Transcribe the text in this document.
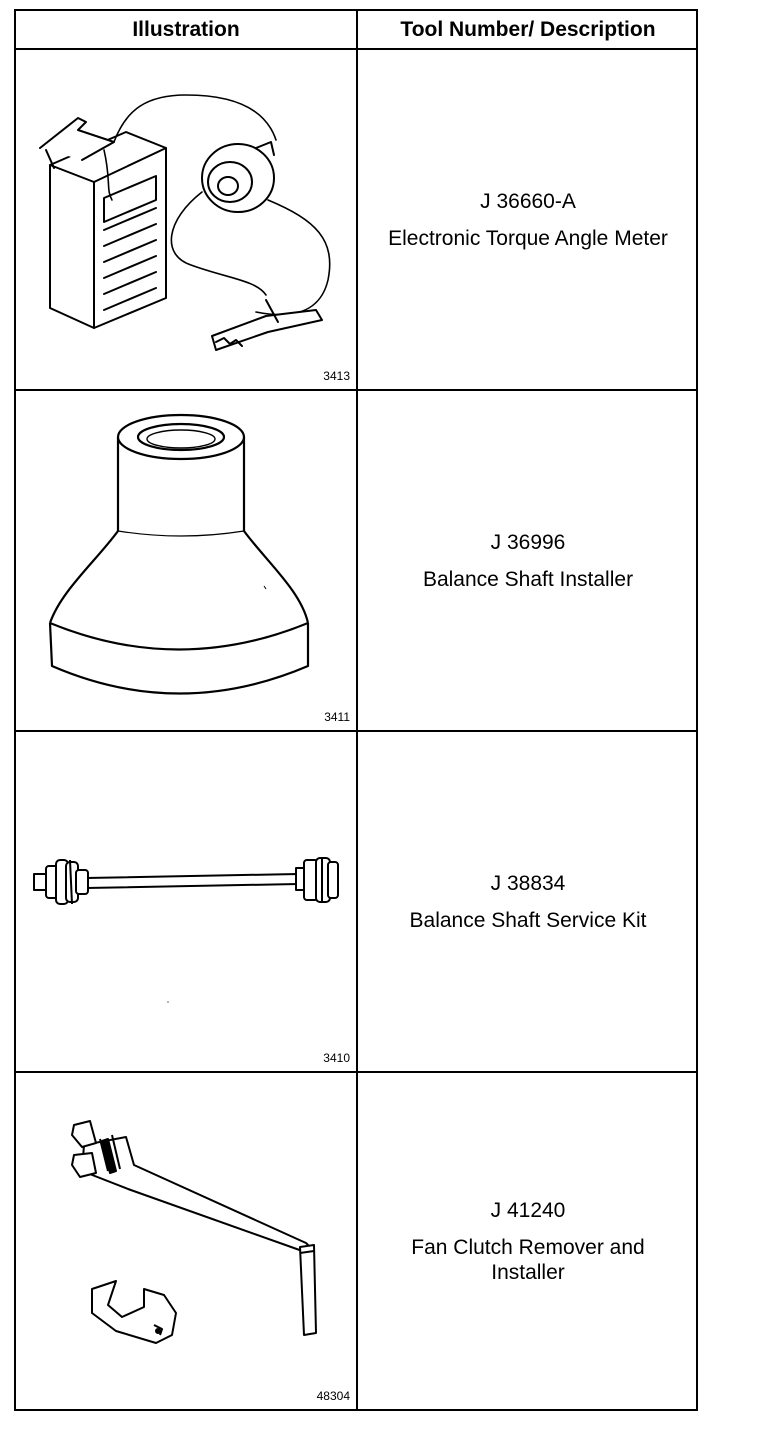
Illustration	Tool Number/ Description
3413
J 36660-A
Electronic Torque Angle Meter
3411
J 36996
Balance Shaft Installer
3410
J 38834
Balance Shaft Service Kit
48304
J 41240
Fan Clutch Remover and Installer
